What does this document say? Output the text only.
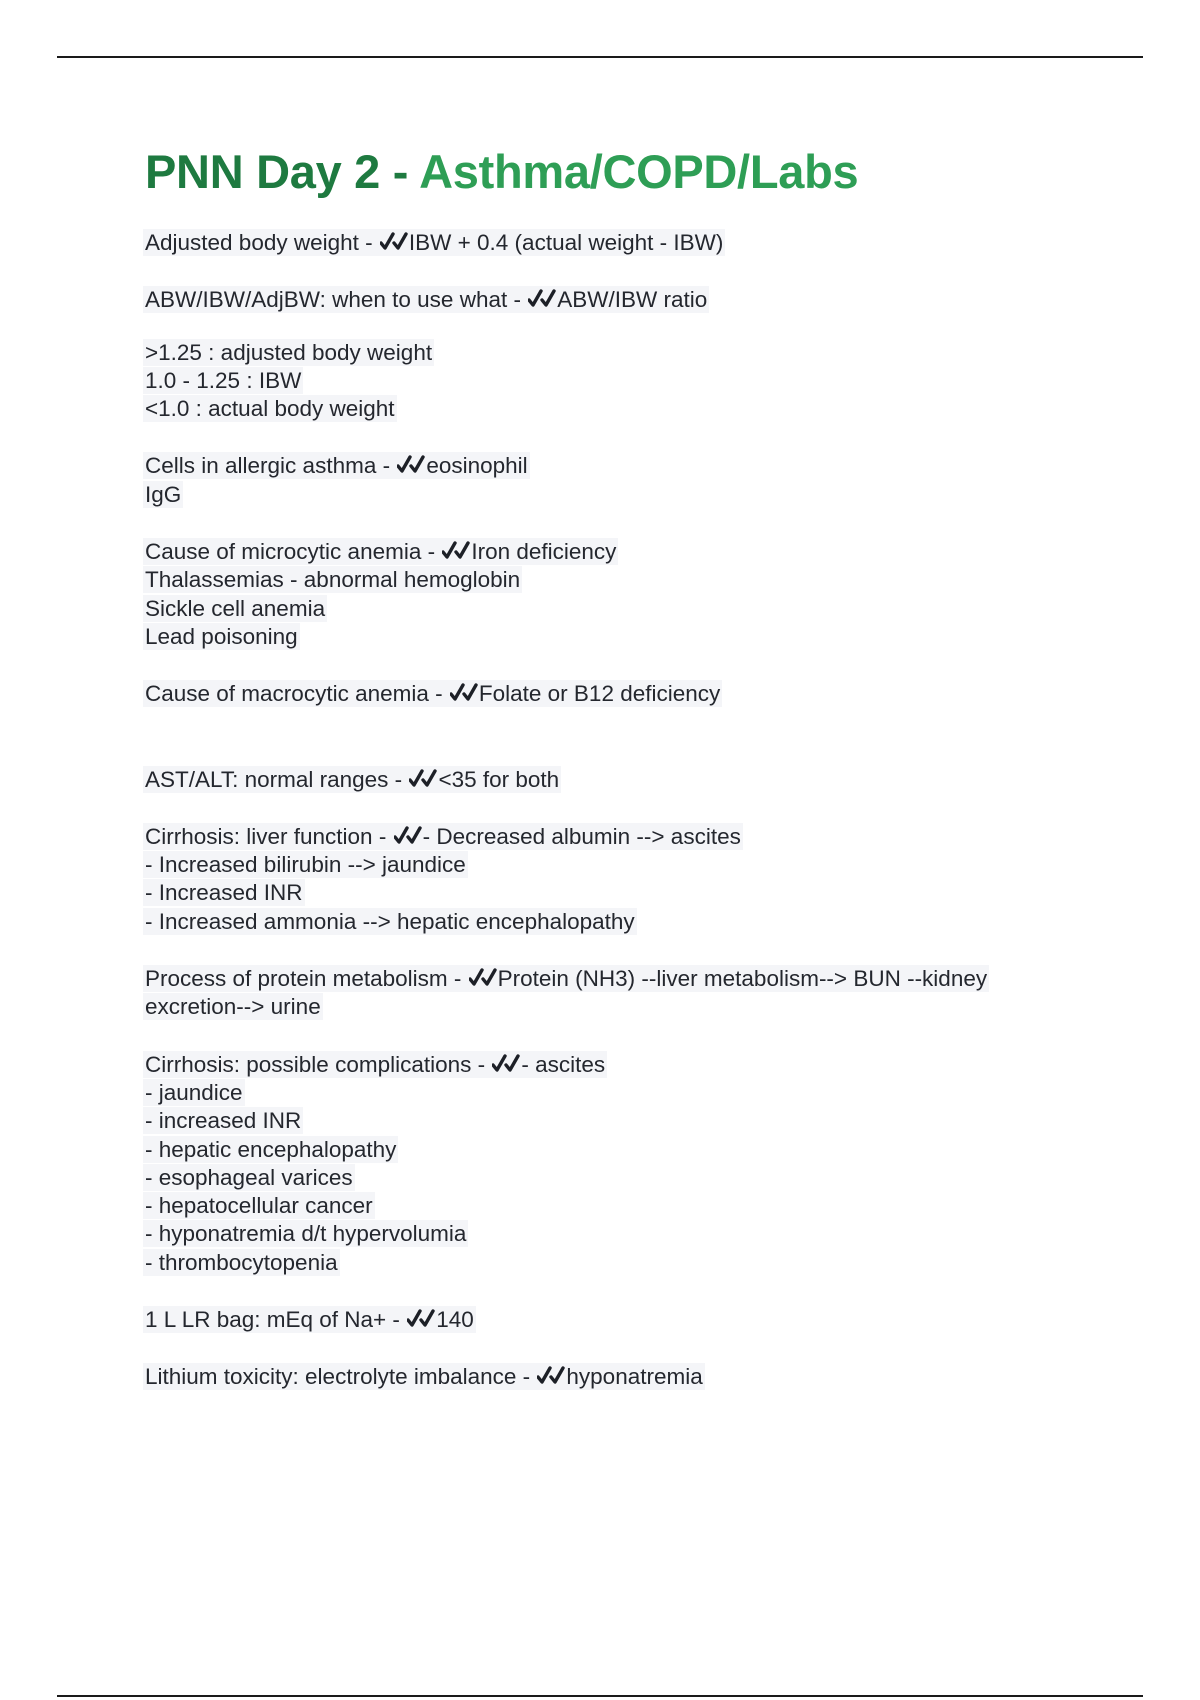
PNN Day 2 - Asthma/COPD/Labs
Adjusted body weight -
IBW + 0.4 (actual weight - IBW)
ABW/IBW/AdjBW: when to use what -
ABW/IBW ratio

>1.25 : adjusted body weight
1.0 - 1.25 : IBW
<1.0 : actual body weight
Cells in allergic asthma -
eosinophil
IgG
Cause of microcytic anemia -
Iron deficiency
Thalassemias - abnormal hemoglobin
Sickle cell anemia
Lead poisoning
Cause of macrocytic anemia -
Folate or B12 deficiency
AST/ALT: normal ranges -
<35 for both
Cirrhosis: liver function -
- Decreased albumin --> ascites
- Increased bilirubin --> jaundice
- Increased INR
- Increased ammonia --> hepatic encephalopathy
Process of protein metabolism -
Protein (NH3) --liver metabolism--> BUN --kidney
excretion--> urine
Cirrhosis: possible complications -
- ascites
- jaundice
- increased INR
- hepatic encephalopathy
- esophageal varices
- hepatocellular cancer
- hyponatremia d/t hypervolumia
- thrombocytopenia
1 L LR bag: mEq of Na+ -
140
Lithium toxicity: electrolyte imbalance -
hyponatremia
